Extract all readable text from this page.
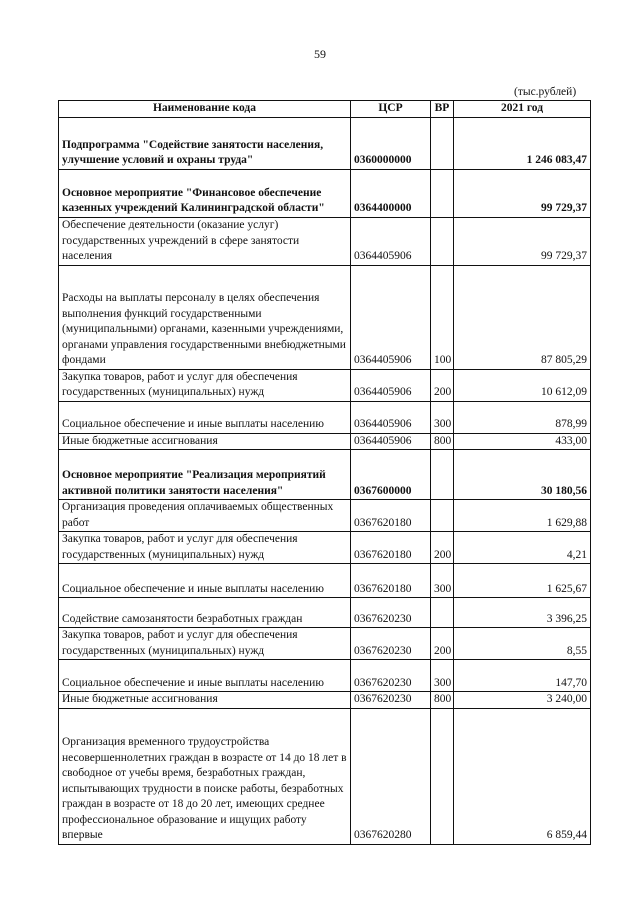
59
(тыс.рублей)
Наименование кода	ЦСР	ВР	2021 год
Подпрограмма "Содействие занятости населения, улучшение условий и охраны труда"	0360000000		1 246 083,47
Основное мероприятие "Финансовое обеспечение казенных учреждений Калининградской области"	0364400000		99 729,37
Обеспечение деятельности (оказание услуг) государственных учреждений в сфере занятости населения	0364405906		99 729,37
Расходы на выплаты персоналу в целях обеспечения выполнения функций государственными (муниципальными) органами, казенными учреждениями, органами управления государственными внебюджетными фондами	0364405906	100	87 805,29
Закупка товаров, работ и услуг для обеспечения государственных (муниципальных) нужд	0364405906	200	10 612,09
Социальное обеспечение и иные выплаты населению	0364405906	300	878,99
Иные бюджетные ассигнования	0364405906	800	433,00
Основное мероприятие "Реализация мероприятий активной политики занятости населения"	0367600000		30 180,56
Организация проведения оплачиваемых общественных работ	0367620180		1 629,88
Закупка товаров, работ и услуг для обеспечения государственных (муниципальных) нужд	0367620180	200	4,21
Социальное обеспечение и иные выплаты населению	0367620180	300	1 625,67
Содействие самозанятости безработных граждан	0367620230		3 396,25
Закупка товаров, работ и услуг для обеспечения государственных (муниципальных) нужд	0367620230	200	8,55
Социальное обеспечение и иные выплаты населению	0367620230	300	147,70
Иные бюджетные ассигнования	0367620230	800	3 240,00
Организация временного трудоустройства несовершеннолетних граждан в возрасте от 14 до 18 лет в свободное от учебы время, безработных граждан, испытывающих трудности в поиске работы, безработных граждан в возрасте от 18 до 20 лет, имеющих среднее профессиональное образование и ищущих работу впервые	0367620280		6 859,44
